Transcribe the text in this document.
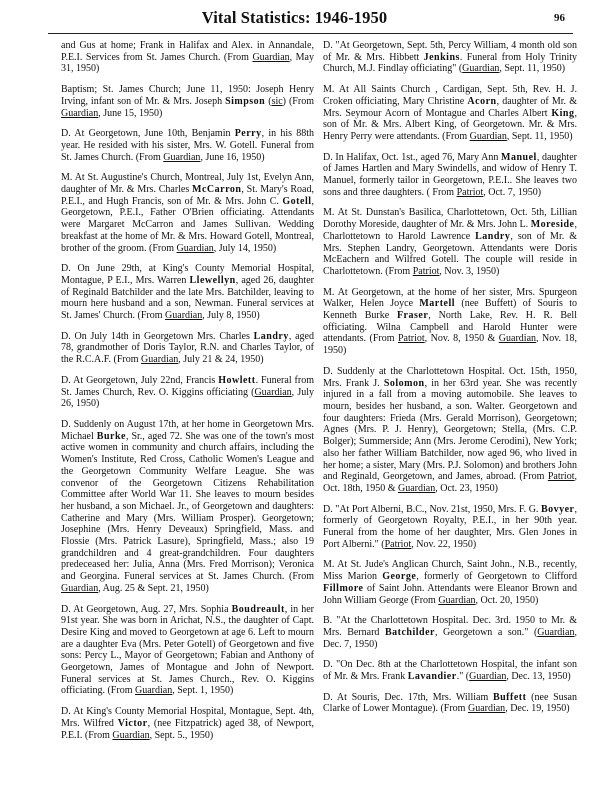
Vital Statistics: 1946-1950	96

and Gus at home; Frank in Halifax and Alex. in Annandale, P.E.I. Services from St. James Church. (From Guardian, May 31, 1950)

Baptism; St. James Church; June 11, 1950: Joseph Henry Irving, infant son of Mr. & Mrs. Joseph Simpson (sic) (From Guardian, June 15, 1950)

D. At Georgetown, June 10th, Benjamin Perry, in his 88th year. He resided with his sister, Mrs. W. Gotell. Funeral from St. James Church. (From Guardian, June 16, 1950)

M. At St. Augustine's Church, Montreal, July 1st, Evelyn Ann, daughter of Mr. & Mrs. Charles McCarron, St. Mary's Road, P.E.I., and Hugh Francis, son of Mr. & Mrs. John C. Gotell, Georgetown, P.E.I., Father O'Brien officiating. Attendants were Margaret McCarron and James Sullivan. Wedding breakfast at the home of Mr. & Mrs. Howard Gotell, Montreal, brother of the groom. (From Guardian, July 14, 1950)

D. On June 29th, at King's County Memorial Hospital, Montague, P E.I., Mrs. Warren Llewellyn, aged 26, daughter of Reginald Batchilder and the late Mrs. Batchilder, leaving to mourn here husband and a son, Newman. Funeral services at St. James' Church. (From Guardian, July 8, 1950)

D. On July 14th in Georgetown Mrs. Charles Landry, aged 78, grandmother of Doris Taylor, R.N. and Charles Taylor, of the R.C.A.F. (From Guardian, July 21 & 24, 1950)

D. At Georgetown, July 22nd, Francis Howlett. Funeral from St. James Church, Rev. O. Kiggins officiating (Guardian, July 26, 1950)

D. Suddenly on August 17th, at her home in Georgetown Mrs. Michael Burke, Sr., aged 72. She was one of the town's most active women in community and church affairs, including the Women's Institute, Red Cross, Catholic Women's League and the Georgetown Community Welfare League. She was convenor of the Georgetown Citizens Rehabilitation Committee after World War 11. She leaves to mourn besides her husband, a son Michael. Jr., of Georgetown and daughters: Catherine and Mary (Mrs. William Prosper). Georgetown; Josephine (Mrs. Henry Deveaux) Springfield, Mass. and Flossie (Mrs. Patrick Lasure), Springfield, Mass.; also 19 grandchildren and 4 great-grandchildren. Four daughters predeceased her: Julia, Anna (Mrs. Fred Morrison); Veronica and Georgina. Funeral services at St. James Church. (From Guardian, Aug. 25 & Sept. 21, 1950)

D. At Georgetown, Aug. 27, Mrs. Sophia Boudreault, in her 91st year. She was born in Arichat, N.S., the daughter of Capt. Desire King and moved to Georgetown at age 6. Left to mourn are a daughter Eva (Mrs. Peter Gotell) of Georgetown and five sons: Percy L., Mayor of Georgetown; Fabian and Anthony of Georgetown, James of Montague and John of Newport. Funeral services at St. James Church., Rev. O. Kiggins officiating. (From Guardian, Sept. 1, 1950)

D. At King's County Memorial Hospital, Montague, Sept. 4th, Mrs. Wilfred Victor, (nee Fitzpatrick) aged 38, of Newport, P.E.I. (From Guardian, Sept. 5., 1950)

D. "At Georgetown, Sept. 5th, Percy William, 4 month old son of Mr. & Mrs. Hibbett Jenkins. Funeral from Holy Trinity Church, M.J. Findlay officiating" (Guardian, Sept. 11, 1950)

M. At All Saints Church , Cardigan, Sept. 5th, Rev. H. J. Croken officiating, Mary Christine Acorn, daughter of Mr. & Mrs. Seymour Acorn of Montague and Charles Albert King, son of Mr. & Mrs. Albert King, of Georgetown. Mr. & Mrs. Henry Perry were attendants. (From Guardian, Sept. 11, 1950)

D. In Halifax, Oct. 1st., aged 76, Mary Ann Manuel, daughter of James Hartlen and Mary Swindells, and widow of Henry T. Manuel, formerly tailor in Georgetown, P.E.I.. She leaves two sons and three daughters. ( From Patriot, Oct. 7, 1950)

M. At St. Dunstan's Basilica, Charlottetown, Oct. 5th, Lillian Dorothy Moreside, daughter of Mr. & Mrs. John L. Moreside, Charlottetown to Harold Lawrence Landry, son of Mr. & Mrs. Stephen Landry, Georgetown. Attendants were Doris McEachern and Wilfred Gotell. The couple will reside in Charlottetown. (From Patriot, Nov. 3, 1950)

M. At Georgetown, at the home of her sister, Mrs. Spurgeon Walker, Helen Joyce Martell (nee Buffett) of Souris to Kenneth Burke Fraser, North Lake, Rev. H. R. Bell officiating. Wilna Campbell and Harold Hunter were attendants. (From Patriot, Nov. 8, 1950 & Guardian, Nov. 18, 1950)

D. Suddenly at the Charlottetown Hospital. Oct. 15th, 1950, Mrs. Frank J. Solomon, in her 63rd year. She was recently injured in a fall from a moving automobile. She leaves to mourn, besides her husband, a son. Walter. Georgetown and four daughters: Frieda (Mrs. Gerald Morrison), Georgetown; Agnes (Mrs. P. J. Henry), Georgetown; Stella, (Mrs. C.P. Bolger); Summerside; Ann (Mrs. Jerome Cerodini), New York; also her father William Batchilder, now aged 96, who lived in her home; a sister, Mary (Mrs. P.J. Solomon) and brothers John and Reginald, Georgetown, and James, abroad. (From Patriot, Oct. 18th, 1950 & Guardian, Oct. 23, 1950)

D. "At Port Alberni, B.C., Nov. 21st, 1950, Mrs. F. G. Bovyer, formerly of Georgetown Royalty, P.E.I., in her 90th year. Funeral from the home of her daughter, Mrs. Glen Jones in Port Alberni." (Patriot, Nov. 22, 1950)

M. At St. Jude's Anglican Church, Saint John., N.B., recently, Miss Marion George, formerly of Georgetown to Clifford Fillmore of Saint John. Attendants were Eleanor Brown and John William George (From Guardian, Oct. 20, 1950)

B. "At the Charlottetown Hospital. Dec. 3rd. 1950 to Mr. & Mrs. Bernard Batchilder, Georgetown a son." (Guardian, Dec. 7, 1950)

D. "On Dec. 8th at the Charlottetown Hospital, the infant son of Mr. & Mrs. Frank Lavandier." (Guardian, Dec. 13, 1950)

D. At Souris, Dec. 17th, Mrs. William Buffett (nee Susan Clarke of Lower Montague). (From Guardian, Dec. 19, 1950)
